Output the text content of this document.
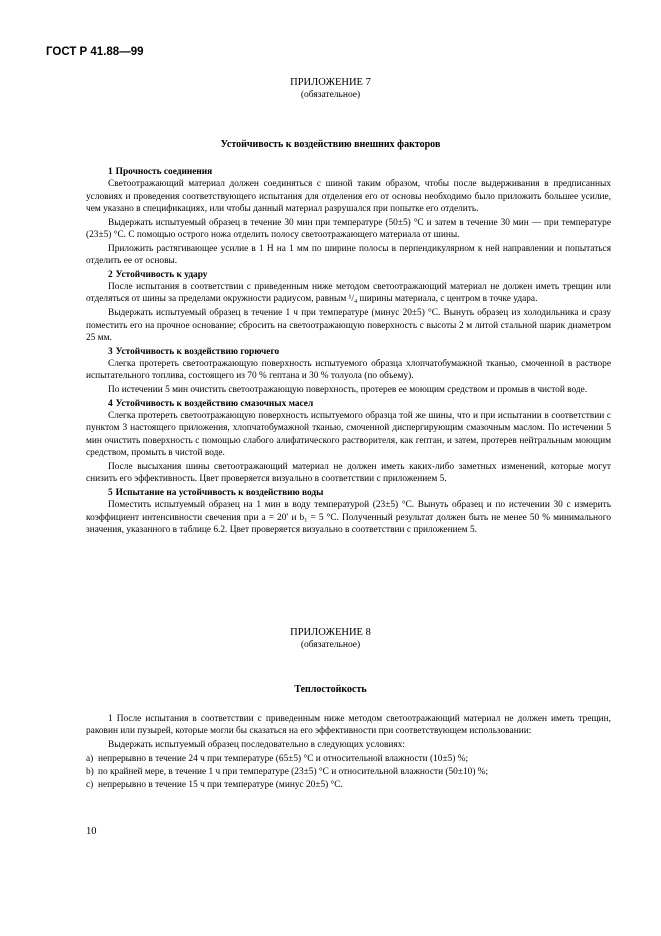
ГОСТ Р 41.88—99
ПРИЛОЖЕНИЕ 7
(обязательное)
Устойчивость к воздействию внешних факторов
1 Прочность соединения

Светоотражающий материал должен соединяться с шиной таким образом, чтобы после выдерживания в предписанных условиях и проведения соответствующего испытания для отделения его от основы необходимо было приложить большее усилие, чем указано в спецификациях, или чтобы данный материал разрушался при попытке его отделить.

Выдержать испытуемый образец в течение 30 мин при температуре (50±5) °С и затем в течение 30 мин — при температуре (23±5) °С. С помощью острого ножа отделить полосу светоотражающего материала от шины.

Приложить растягивающее усилие в 1 Н на 1 мм по ширине полосы в перпендикулярном к ней направлении и попытаться отделить ее от основы.

2 Устойчивость к удару

После испытания в соответствии с приведенным ниже методом светоотражающий материал не должен иметь трещин или отделяться от шины за пределами окружности радиусом, равным ¹/₄ ширины материала, с центром в точке удара.

Выдержать испытуемый образец в течение 1 ч при температуре (минус 20±5) °С. Вынуть образец из холодильника и сразу поместить его на прочное основание; сбросить на светоотражающую поверхность с высоты 2 м литой стальной шарик диаметром 25 мм.

3 Устойчивость к воздействию горючего

Слегка протереть светоотражающую поверхность испытуемого образца хлопчатобумажной тканью, смоченной в растворе испытательного топлива, состоящего из 70 % гептана и 30 % толуола (по объему).

По истечении 5 мин очистить светоотражающую поверхность, протерев ее моющим средством и промыв в чистой воде.

4 Устойчивость к воздействию смазочных масел

Слегка протереть светоотражающую поверхность испытуемого образца той же шины, что и при испытании в соответствии с пунктом 3 настоящего приложения, хлопчатобумажной тканью, смоченной диспергирующим смазочным маслом. По истечении 5 мин очистить поверхность с помощью слабого алифатического растворителя, как гептан, и затем, протерев нейтральным моющим средством, промыть в чистой воде.

После высыхания шины светоотражающий материал не должен иметь каких-либо заметных изменений, которые могут снизить его эффективность. Цвет проверяется визуально в соответствии с приложением 5.

5 Испытание на устойчивость к воздействию воды

Поместить испытуемый образец на 1 мин в воду температурой (23±5) °С. Вынуть образец и по истечении 30 с измерить коэффициент интенсивности свечения при a = 20′ и b₁ = 5 °С. Полученный результат должен быть не менее 50 % минимального значения, указанного в таблице 6.2. Цвет проверяется визуально в соответствии с приложением 5.

ПРИЛОЖЕНИЕ 8
(обязательное)
Теплостойкость

1 После испытания в соответствии с приведенным ниже методом светоотражающий материал не должен иметь трещин, раковин или пузырей, которые могли бы сказаться на его эффективности при соответствующем использовании:

Выдержать испытуемый образец последовательно в следующих условиях:

a) непрерывно в течение 24 ч при температуре (65±5) °С и относительной влажности (10±5) %;

b) по крайней мере, в течение 1 ч при температуре (23±5) °С и относительной влажности (50±10) %;

c) непрерывно в течение 15 ч при температуре (минус 20±5) °С.

10
